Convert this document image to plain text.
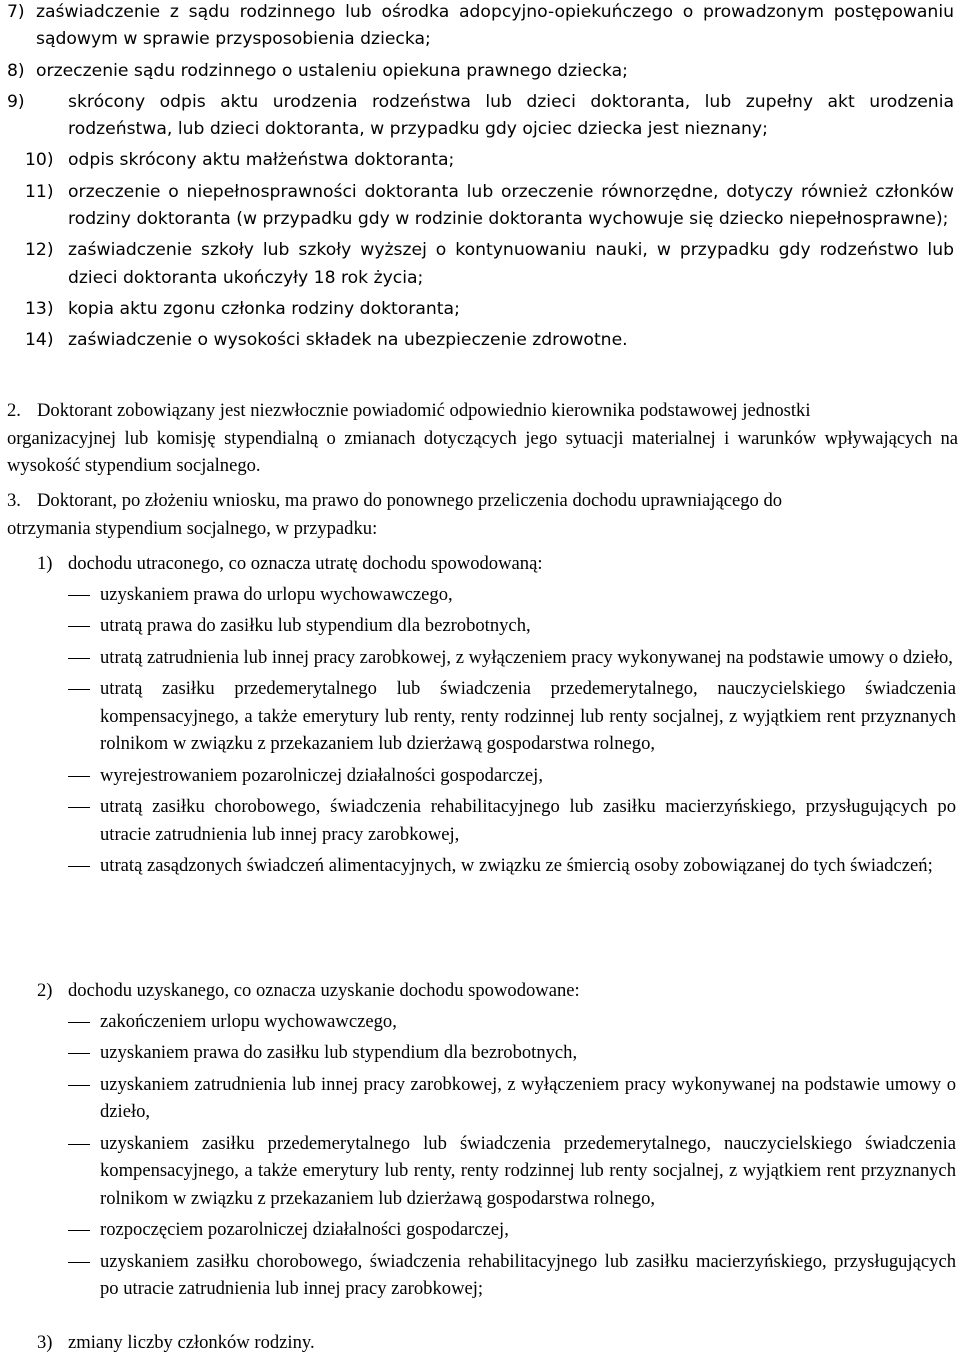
7) zaświadczenie z sądu rodzinnego lub ośrodka adopcyjno-opiekuńczego o prowadzonym postępowaniu sądowym w sprawie przysposobienia dziecka;
8) orzeczenie sądu rodzinnego o ustaleniu opiekuna prawnego dziecka;
9)	skrócony odpis aktu urodzenia rodzeństwa lub dzieci doktoranta, lub zupełny akt urodzenia rodzeństwa, lub dzieci doktoranta, w przypadku gdy ojciec dziecka jest nieznany;
10) odpis skrócony aktu małżeństwa doktoranta;
11) orzeczenie o niepełnosprawności doktoranta lub orzeczenie równorzędne, dotyczy również członków rodziny doktoranta (w przypadku gdy w rodzinie doktoranta wychowuje się dziecko niepełnosprawne);
12) zaświadczenie szkoły lub szkoły wyższej o kontynuowaniu nauki, w przypadku gdy rodzeństwo lub dzieci doktoranta ukończyły 18 rok życia;
13) kopia aktu zgonu członka rodziny doktoranta;
14) zaświadczenie o wysokości składek na ubezpieczenie zdrowotne.
2. Doktorant zobowiązany jest niezwłocznie powiadomić odpowiednio kierownika podstawowej jednostki
organizacyjnej lub komisję stypendialną o zmianach dotyczących jego sytuacji materialnej i warunków wpływających na wysokość stypendium socjalnego.
3. Doktorant, po złożeniu wniosku, ma prawo do ponownego przeliczenia dochodu uprawniającego do
otrzymania stypendium socjalnego, w przypadku:
1) dochodu utraconego, co oznacza utratę dochodu spowodowaną:
uzyskaniem prawa do urlopu wychowawczego,
utratą prawa do zasiłku lub stypendium dla bezrobotnych,
utratą zatrudnienia lub innej pracy zarobkowej, z wyłączeniem pracy wykonywanej na podstawie umowy o dzieło,
utratą zasiłku przedemerytalnego lub świadczenia przedemerytalnego, nauczycielskiego świadczenia kompensacyjnego, a także emerytury lub renty, renty rodzinnej lub renty socjalnej, z wyjątkiem rent przyznanych rolnikom w związku z przekazaniem lub dzierżawą gospodarstwa rolnego,
wyrejestrowaniem pozarolniczej działalności gospodarczej,
utratą zasiłku chorobowego, świadczenia rehabilitacyjnego lub zasiłku macierzyńskiego, przysługujących po utracie zatrudnienia lub innej pracy zarobkowej,
utratą zasądzonych świadczeń alimentacyjnych, w związku ze śmiercią osoby zobowiązanej do tych świadczeń;
2) dochodu uzyskanego, co oznacza uzyskanie dochodu spowodowane:
zakończeniem urlopu wychowawczego,
uzyskaniem prawa do zasiłku lub stypendium dla bezrobotnych,
uzyskaniem zatrudnienia lub innej pracy zarobkowej, z wyłączeniem pracy wykonywanej na podstawie umowy o dzieło,
uzyskaniem zasiłku przedemerytalnego lub świadczenia przedemerytalnego, nauczycielskiego świadczenia kompensacyjnego, a także emerytury lub renty, renty rodzinnej lub renty socjalnej, z wyjątkiem rent przyznanych rolnikom w związku z przekazaniem lub dzierżawą gospodarstwa rolnego,
rozpoczęciem pozarolniczej działalności gospodarczej,
uzyskaniem zasiłku chorobowego, świadczenia rehabilitacyjnego lub zasiłku macierzyńskiego, przysługujących po utracie zatrudnienia lub innej pracy zarobkowej;
3) zmiany liczby członków rodziny.
